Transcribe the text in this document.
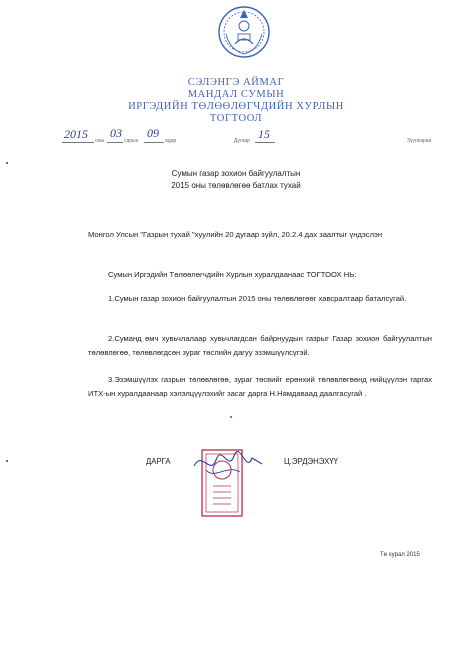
СЭЛЭНГЭ АЙМАГ
МАНДАЛ СУМЫН
ИРГЭДИЙН ТӨЛӨӨЛӨГЧДИЙН ХУРЛЫН
ТОГТООЛ
2015 оны
03
сарын
09
өдөр	Дугаар 15	Зүүнхараа
Сумын газар зохион байгуулалтын
2015 оны төлөвлөгөө батлах тухай
Монгол Улсын "Газрын тухай "хуулийн 20 дугаар зүйл, 20.2.4 дах заалтыг үндэслэн
Сумын Иргэдийн Төлөөлөгчдийн Хурлын хуралдаанаас ТОГТООХ НЬ:
1.Сумын газар зохион байгуулалтын 2015 оны төлөвлөгөөг хавсралтаар баталсугай.
2.Суманд өмч хувьчлалаар хувьчлагдсан байрнуудын газрыг Газар зохион байгуулалтын төлөвлөгөө, төлөвлөгдсөн зураг төслийн дагуу эзэмшүүлсүгэй.
3.Эзэмшүүлэх газрын төлөвлөгөө, зураг төсвийг ерөнхий төлөвлөгөөнд нийцүүлэн гаргах ИТХ-ын хуралдаанаар хэлэлцүүлэхийг засаг дарга Н.Нямдаваад даалгасугай .
ДАРГА	Ц.ЭРДЭНЭХҮҮ
Тө хурал 2015
